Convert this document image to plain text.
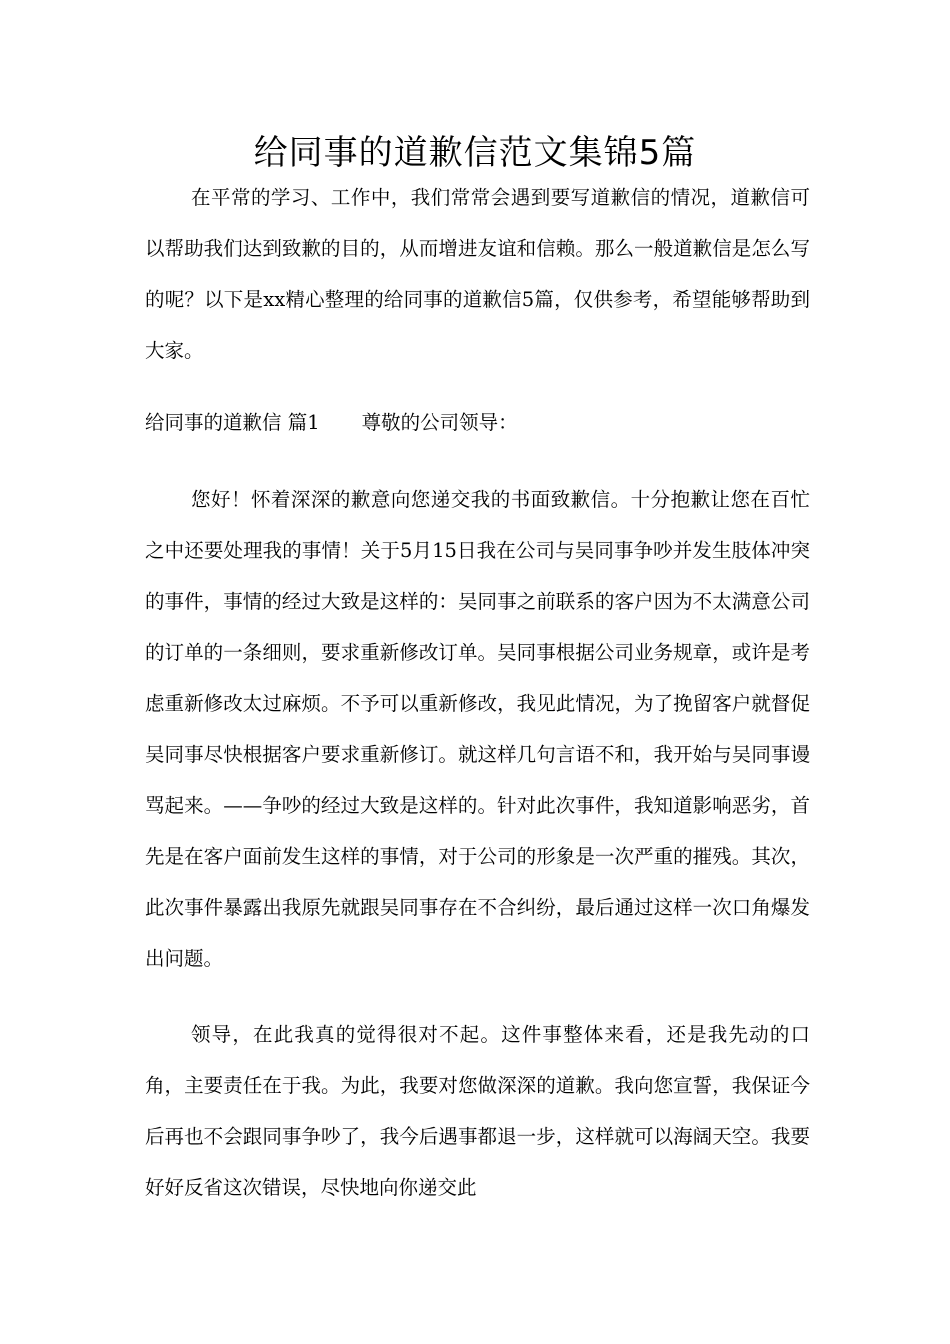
给同事的道歉信范文集锦5篇

在平常的学习、工作中，我们常常会遇到要写道歉信的情况，道歉信可以帮助我们达到致歉的目的，从而增进友谊和信赖。那么一般道歉信是怎么写的呢？以下是xx精心整理的给同事的道歉信5篇，仅供参考，希望能够帮助到大家。

给同事的道歉信 篇1 尊敬的公司领导：

您好！怀着深深的歉意向您递交我的书面致歉信。十分抱歉让您在百忙之中还要处理我的事情！关于5月15日我在公司与吴同事争吵并发生肢体冲突的事件，事情的经过大致是这样的：吴同事之前联系的客户因为不太满意公司的订单的一条细则，要求重新修改订单。吴同事根据公司业务规章，或许是考虑重新修改太过麻烦。不予可以重新修改，我见此情况，为了挽留客户就督促吴同事尽快根据客户要求重新修订。就这样几句言语不和，我开始与吴同事谩骂起来。——争吵的经过大致是这样的。针对此次事件，我知道影响恶劣，首先是在客户面前发生这样的事情，对于公司的形象是一次严重的摧残。其次，此次事件暴露出我原先就跟吴同事存在不合纠纷，最后通过这样一次口角爆发出问题。

领导，在此我真的觉得很对不起。这件事整体来看，还是我先动的口角，主要责任在于我。为此，我要对您做深深的道歉。我向您宣誓，我保证今后再也不会跟同事争吵了，我今后遇事都退一步，这样就可以海阔天空。我要好好反省这次错误，尽快地向你递交此
